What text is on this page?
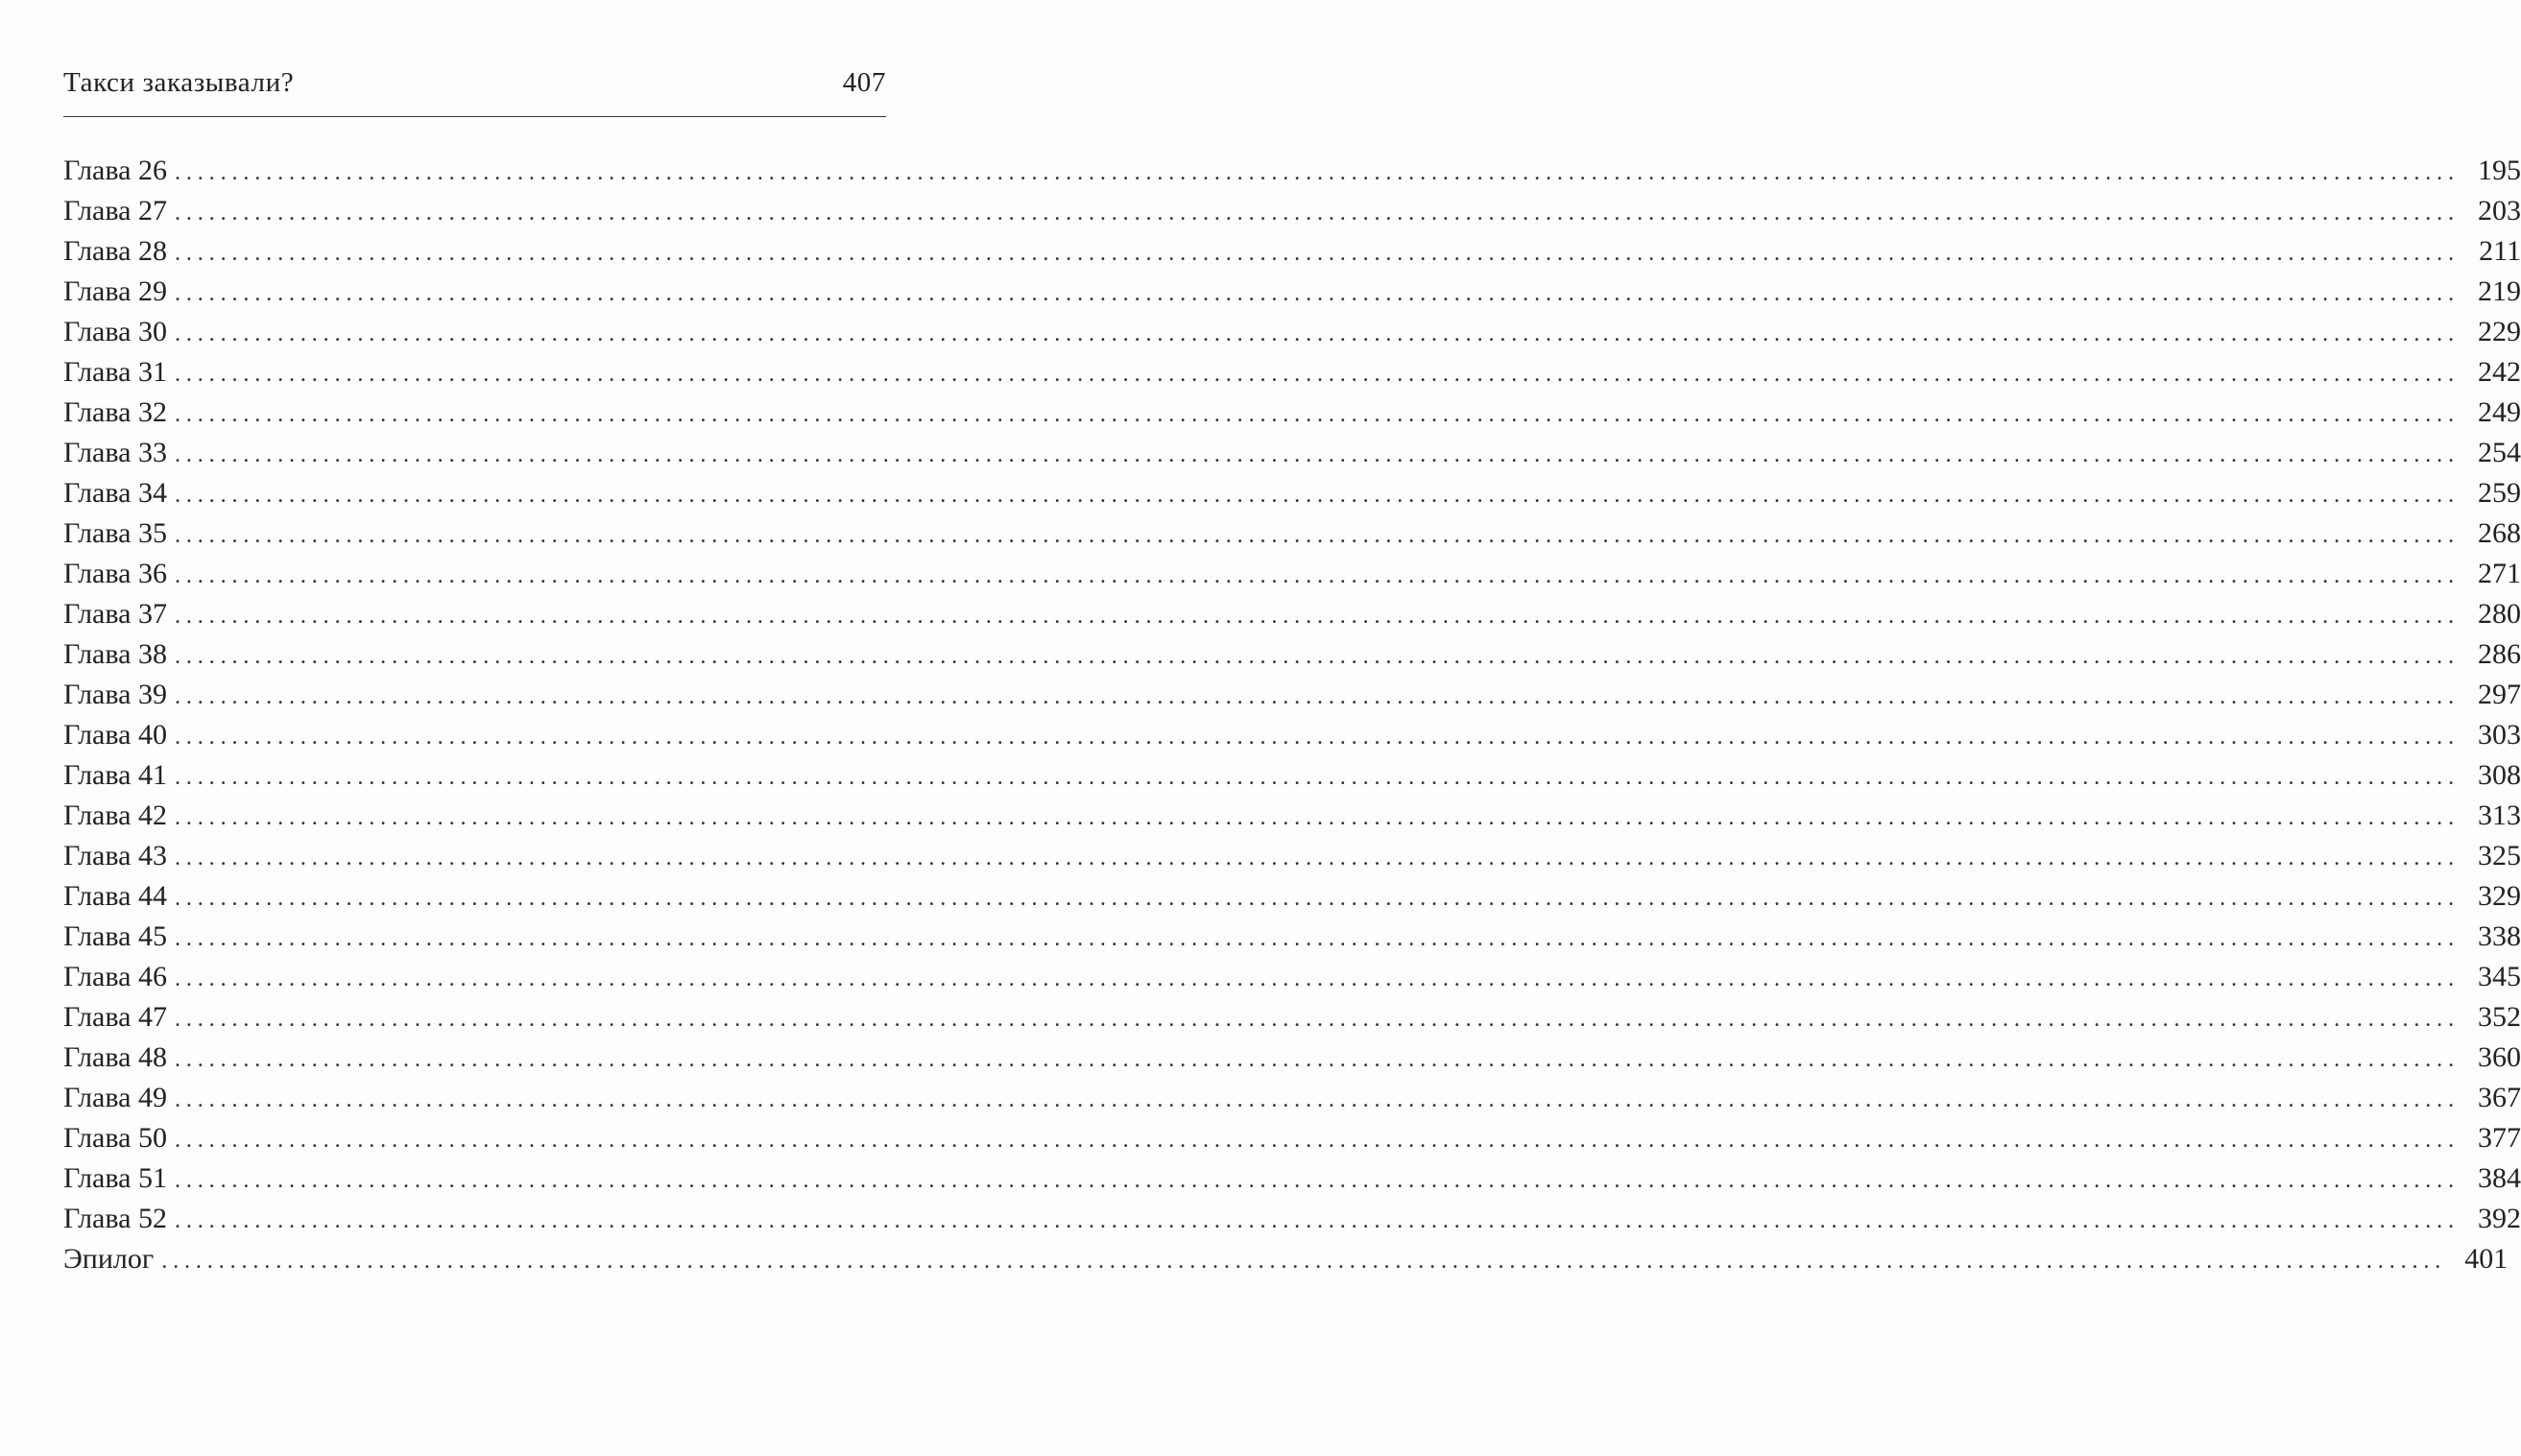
Такси заказывали?	407
Глава 26 ........................................................................................................................................................................................................ 195
Глава 27 ........................................................................................................................................................................................................ 203
Глава 28 ........................................................................................................................................................................................................ 211
Глава 29 ........................................................................................................................................................................................................ 219
Глава 30 ........................................................................................................................................................................................................ 229
Глава 31 ........................................................................................................................................................................................................ 242
Глава 32 ........................................................................................................................................................................................................ 249
Глава 33 ........................................................................................................................................................................................................ 254
Глава 34 ........................................................................................................................................................................................................ 259
Глава 35 ........................................................................................................................................................................................................ 268
Глава 36 ........................................................................................................................................................................................................ 271
Глава 37 ........................................................................................................................................................................................................ 280
Глава 38 ........................................................................................................................................................................................................ 286
Глава 39 ........................................................................................................................................................................................................ 297
Глава 40 ........................................................................................................................................................................................................ 303
Глава 41 ........................................................................................................................................................................................................ 308
Глава 42 ........................................................................................................................................................................................................ 313
Глава 43 ........................................................................................................................................................................................................ 325
Глава 44 ........................................................................................................................................................................................................ 329
Глава 45 ........................................................................................................................................................................................................ 338
Глава 46 ........................................................................................................................................................................................................ 345
Глава 47 ........................................................................................................................................................................................................ 352
Глава 48 ........................................................................................................................................................................................................ 360
Глава 49 ........................................................................................................................................................................................................ 367
Глава 50 ........................................................................................................................................................................................................ 377
Глава 51 ........................................................................................................................................................................................................ 384
Глава 52 ........................................................................................................................................................................................................ 392
Эпилог ........................................................................................................................................................................................................ 401
